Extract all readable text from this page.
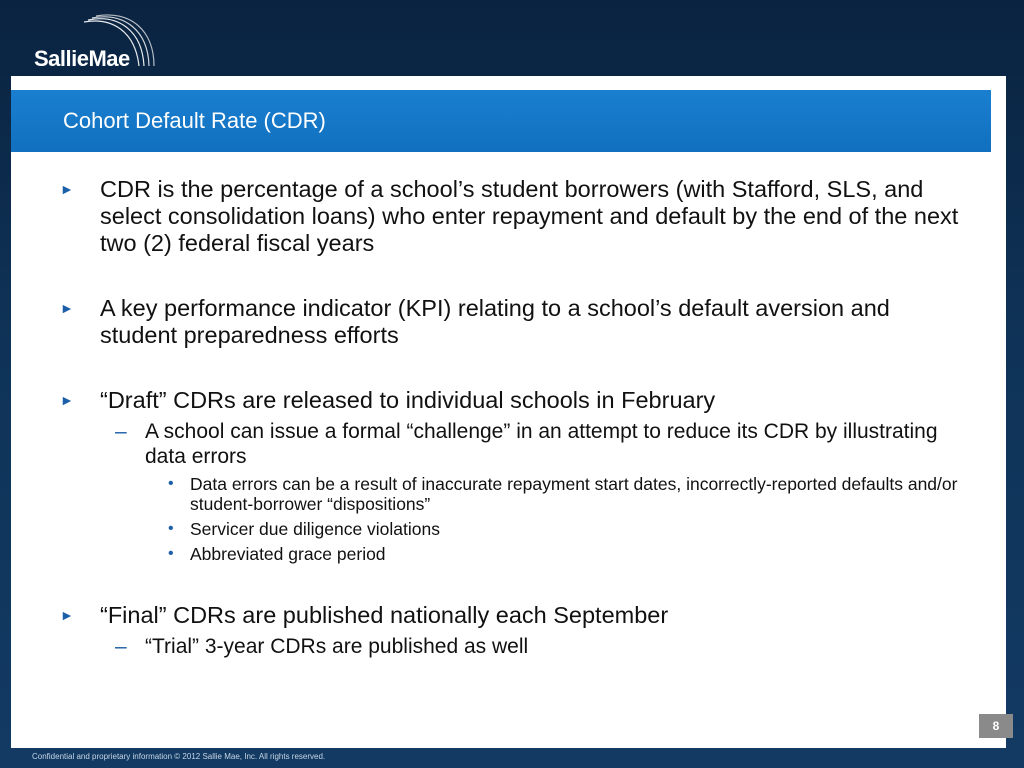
SallieMae
Cohort Default Rate (CDR)
► CDR is the percentage of a school’s student borrowers (with Stafford, SLS, and select consolidation loans) who enter repayment and default by the end of the next two (2) federal fiscal years
► A key performance indicator (KPI) relating to a school’s default aversion and student preparedness efforts
► “Draft” CDRs are released to individual schools in February
– A school can issue a formal “challenge” in an attempt to reduce its CDR by illustrating data errors
• Data errors can be a result of inaccurate repayment start dates, incorrectly-reported defaults and/or student-borrower “dispositions”
• Servicer due diligence violations
• Abbreviated grace period
► “Final” CDRs are published nationally each September
– “Trial” 3-year CDRs are published as well
8
Confidential and proprietary information © 2012 Sallie Mae, Inc. All rights reserved.
